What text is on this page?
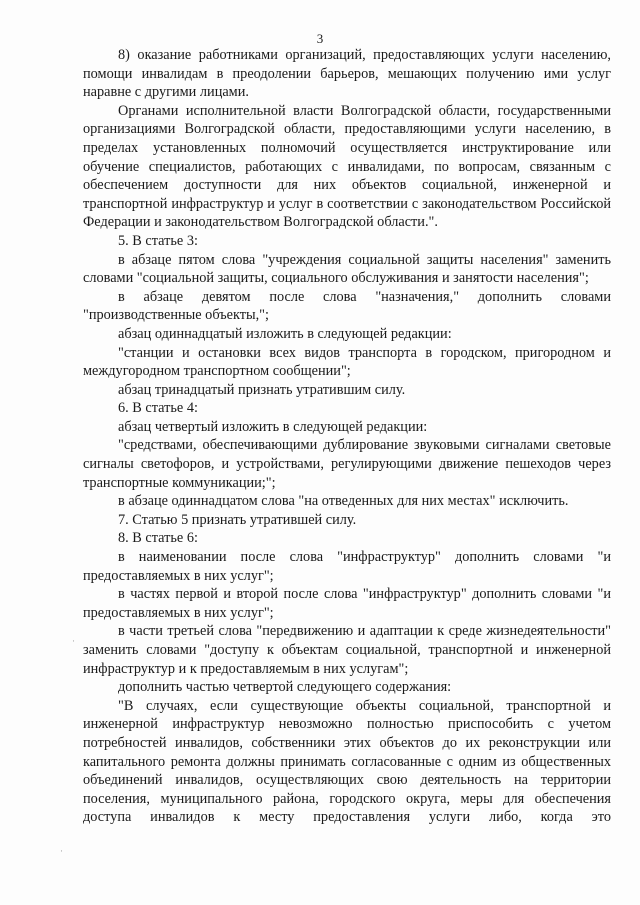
3

8) оказание работниками организаций, предоставляющих услуги населению, помощи инвалидам в преодолении барьеров, мешающих получению ими услуг наравне с другими лицами.

Органами исполнительной власти Волгоградской области, государственными организациями Волгоградской области, предоставляющими услуги населению, в пределах установленных полномочий осуществляется инструктирование или обучение специалистов, работающих с инвалидами, по вопросам, связанным с обеспечением доступности для них объектов социальной, инженерной и транспортной инфраструктур и услуг в соответствии с законодательством Российской Федерации и законодательством Волгоградской области.".

5. В статье 3:

в абзаце пятом слова "учреждения социальной защиты населения" заменить словами "социальной защиты, социального обслуживания и занятости населения";

в абзаце девятом после слова "назначения," дополнить словами "производственные объекты,";

абзац одиннадцатый изложить в следующей редакции:

"станции и остановки всех видов транспорта в городском, пригородном и междугородном транспортном сообщении";

абзац тринадцатый признать утратившим силу.

6. В статье 4:

абзац четвертый изложить в следующей редакции:

"средствами, обеспечивающими дублирование звуковыми сигналами световые сигналы светофоров, и устройствами, регулирующими движение пешеходов через транспортные коммуникации;";

в абзаце одиннадцатом слова "на отведенных для них местах" исключить.

7. Статью 5 признать утратившей силу.

8. В статье 6:

в наименовании после слова "инфраструктур" дополнить словами "и предоставляемых в них услуг";

в частях первой и второй после слова "инфраструктур" дополнить словами "и предоставляемых в них услуг";

в части третьей слова "передвижению и адаптации к среде жизнедеятельности" заменить словами "доступу к объектам социальной, транспортной и инженерной инфраструктур и к предоставляемым в них услугам";

дополнить частью четвертой следующего содержания:

"В случаях, если существующие объекты социальной, транспортной и инженерной инфраструктур невозможно полностью приспособить с учетом потребностей инвалидов, собственники этих объектов до их реконструкции или капитального ремонта должны принимать согласованные с одним из общественных объединений инвалидов, осуществляющих свою деятельность на территории поселения, муниципального района, городского округа, меры для обеспечения доступа инвалидов к месту предоставления услуги либо, когда это

·
·
